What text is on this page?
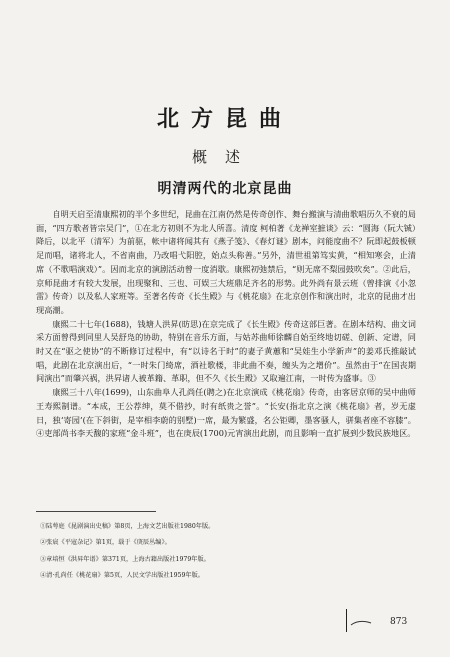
北方昆曲
概述
明清两代的北京昆曲

自明天启至清康熙初的半个多世纪，昆曲在江南仍然是传奇创作、舞台搬演与清曲歌唱历久不衰的局面，“四方歌者皆宗吴门”，①在北方初则不为北人所喜。清度 柯柏著《龙禅室摭谈》云：“圆海（阮大铖）降后，以北平（清军）为前驱，帐中诸将闻其有《燕子笺》、《春灯谜》剧本，问能度曲不？阮即起鼓板顿足而唱，诸将北人，不省南曲，乃改唱弋阳腔，始点头称善。”另外，清世祖第笃实黄，“相知寒会，止清席（不歌唱演戏）”。因而北京的演剧活动曾一度消歇。康熙初弛禁后，“则无席不梨园鼓吹矣”。②此后，京师昆曲才有较大发展，出现聚和、三也、可娱三大班鼎足齐名的形势。此外尚有景云班（曾排演《小忽雷》传奇）以及私人家班等。至著名传奇《长生殿》与《桃花扇》在北京创作和演出时，北京的昆曲才出现高潮。

康熙二十七年(1688)，钱塘人洪昇(昉思)在京完成了《长生殿》传奇这部巨著。在剧本结构、曲文词采方面曾得到同里人吴舒凫的协助，特别在音乐方面，与姑苏曲师徐麟自始至终地切磋、创新、定谱，同时又在“驱之使协”的不断修订过程中，有“以诗名于时”的妻子黄蕙和“吴娃生小学新声”的姜邓氏推敲试唱，此剧在北京演出后，“一时朱门绮席，酒社歌楼，非此曲不奏，缠头为之增价”。虽然由于“在国丧期间演出”而肇兴祸，洪昇诸人被革籍、革职，但不久《长生殿》又取遍江南，一时传为盛事。③

康熙三十八年(1699)，山东曲阜人孔尚任(聘之)在北京演成《桃花扇》传奇，由客居京师的吴中曲师王寿熙制谱。“本成，王公荐绅，莫不借抄，时有纸贵之誉”。“长安(指北京之演《桃花扇》者，岁无虚日，独‘寄园’(在下斜街，是宰相李蔚的别墅)一席，最为繁盛，名公钜卿，墨客骚人，骈集者座不容膝”。④吏部尚书李天馥的家班“金斗班”，也在庚辰(1700)元宵演出此剧，而且影响一直扩展到少数民族地区。

①陆萼庭《昆剧演出史稿》第8页，上海文艺出版社1980年版。
②张宸《平寇杂记》第1页，载于《庚辰丛编》。
③章培恒《洪昇年谱》第371页，上海古籍出版社1979年版。
④清·孔尚任《桃花扇》第5页，人民文学出版社1959年版。
873
